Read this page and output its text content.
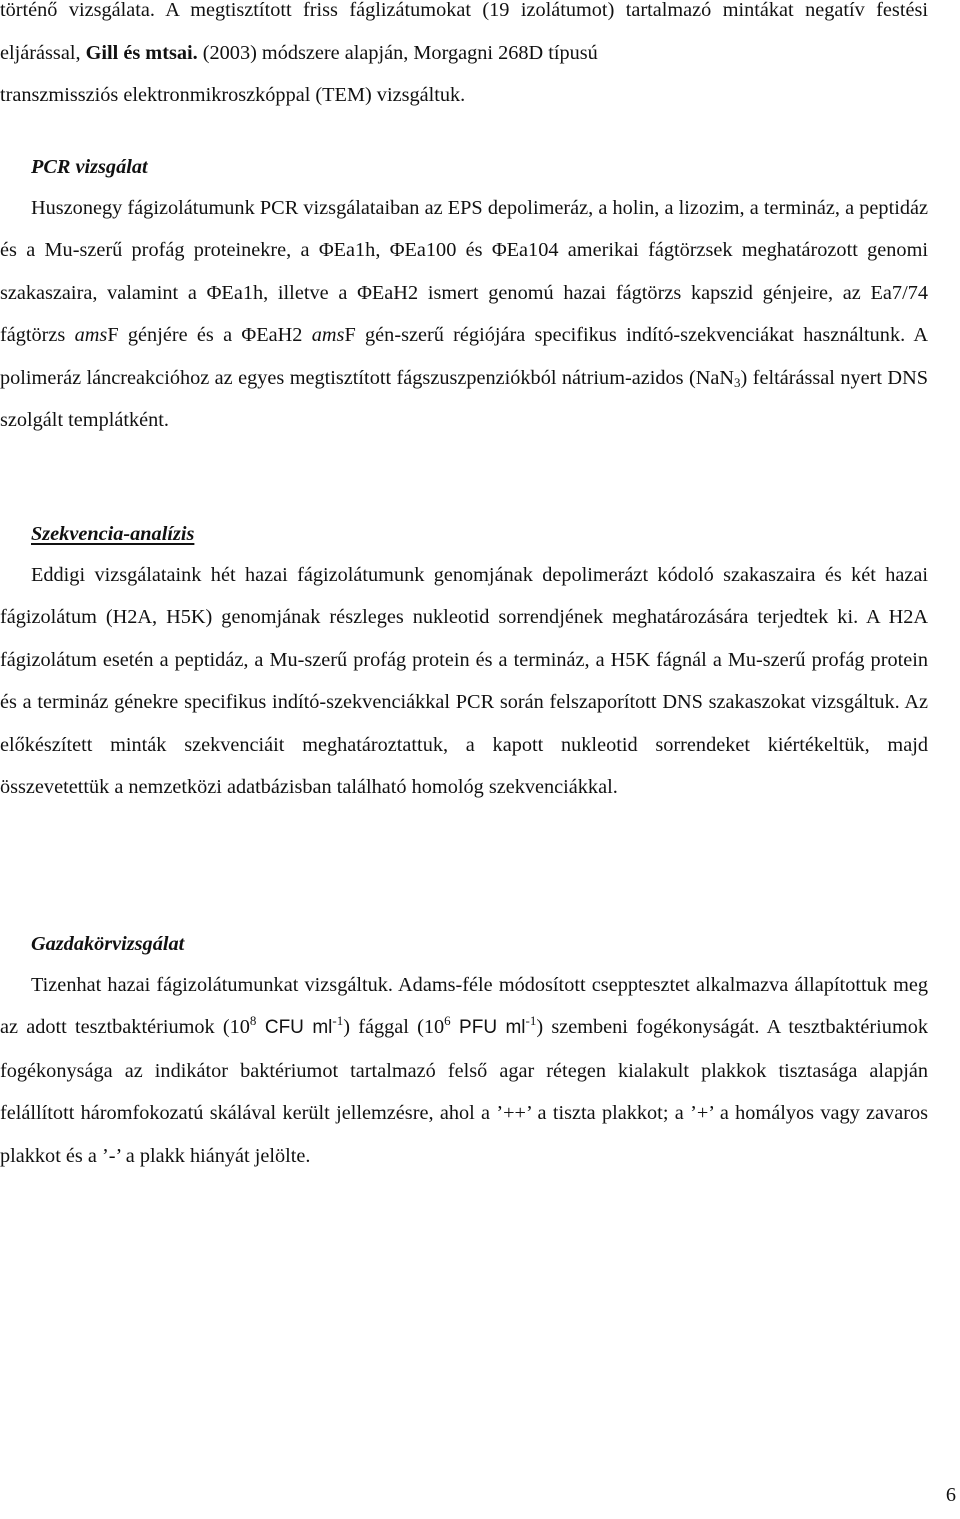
történő vizsgálata. A megtisztított friss fáglizátumokat (19 izolátumot) tartalmazó mintákat negatív festési eljárással, Gill és mtsai. (2003) módszere alapján, Morgagni 268D típusú
transzmissziós elektronmikroszkóppal (TEM) vizsgáltuk.

PCR vizsgálat

Huszonegy fágizolátumunk PCR vizsgálataiban az EPS depolimeráz, a holin, a lizozim, a termináz, a peptidáz és a Mu-szerű profág proteinekre, a ΦEa1h, ΦEa100 és ΦEa104 amerikai fágtörzsek meghatározott genomi szakaszaira, valamint a ΦEa1h, illetve a ΦEaH2 ismert genomú hazai fágtörzs kapszid génjeire, az Ea7/74 fágtörzs amsF génjére és a ΦEaH2 amsF gén-szerű régiójára specifikus indító-szekvenciákat használtunk. A polimeráz láncreakcióhoz az egyes megtisztított fágszuszpenziókból nátrium-azidos (NaN$_3$) feltárással nyert DNS szolgált templátként.

Szekvencia-analízis

Eddigi vizsgálataink hét hazai fágizolátumunk genomjának depolimerázt kódoló szakaszaira és két hazai fágizolátum (H2A, H5K) genomjának részleges nukleotid sorrendjének meghatározására terjedtek ki. A H2A fágizolátum esetén a peptidáz, a Mu-szerű profág protein és a termináz, a H5K fágnál a Mu-szerű profág protein és a termináz génekre specifikus indító-szekvenciákkal PCR során felszaporított DNS szakaszokat vizsgáltuk. Az előkészített minták szekvenciáit meghatároztattuk, a kapott nukleotid sorrendeket kiértékeltük, majd összevetettük a nemzetközi adatbázisban található homológ szekvenciákkal.

Gazdakörvizsgálat

Tizenhat hazai fágizolátumunkat vizsgáltuk. Adams-féle módosított csepptesztet alkalmazva állapítottuk meg az adott tesztbaktériumok ($10^8$ CFU $ml^{-1}$) fággal ($10^6$ PFU $ml^{-1}$) szembeni fogékonyságát. A tesztbaktériumok fogékonysága az indikátor baktériumot tartalmazó felső agar rétegen kialakult plakkok tisztasága alapján felállított háromfokozatú skálával került jellemzésre, ahol a ’++’ a tiszta plakkot; a ’+’ a homályos vagy zavaros plakkot és a ’-’ a plakk hiányát jelölte.

6
